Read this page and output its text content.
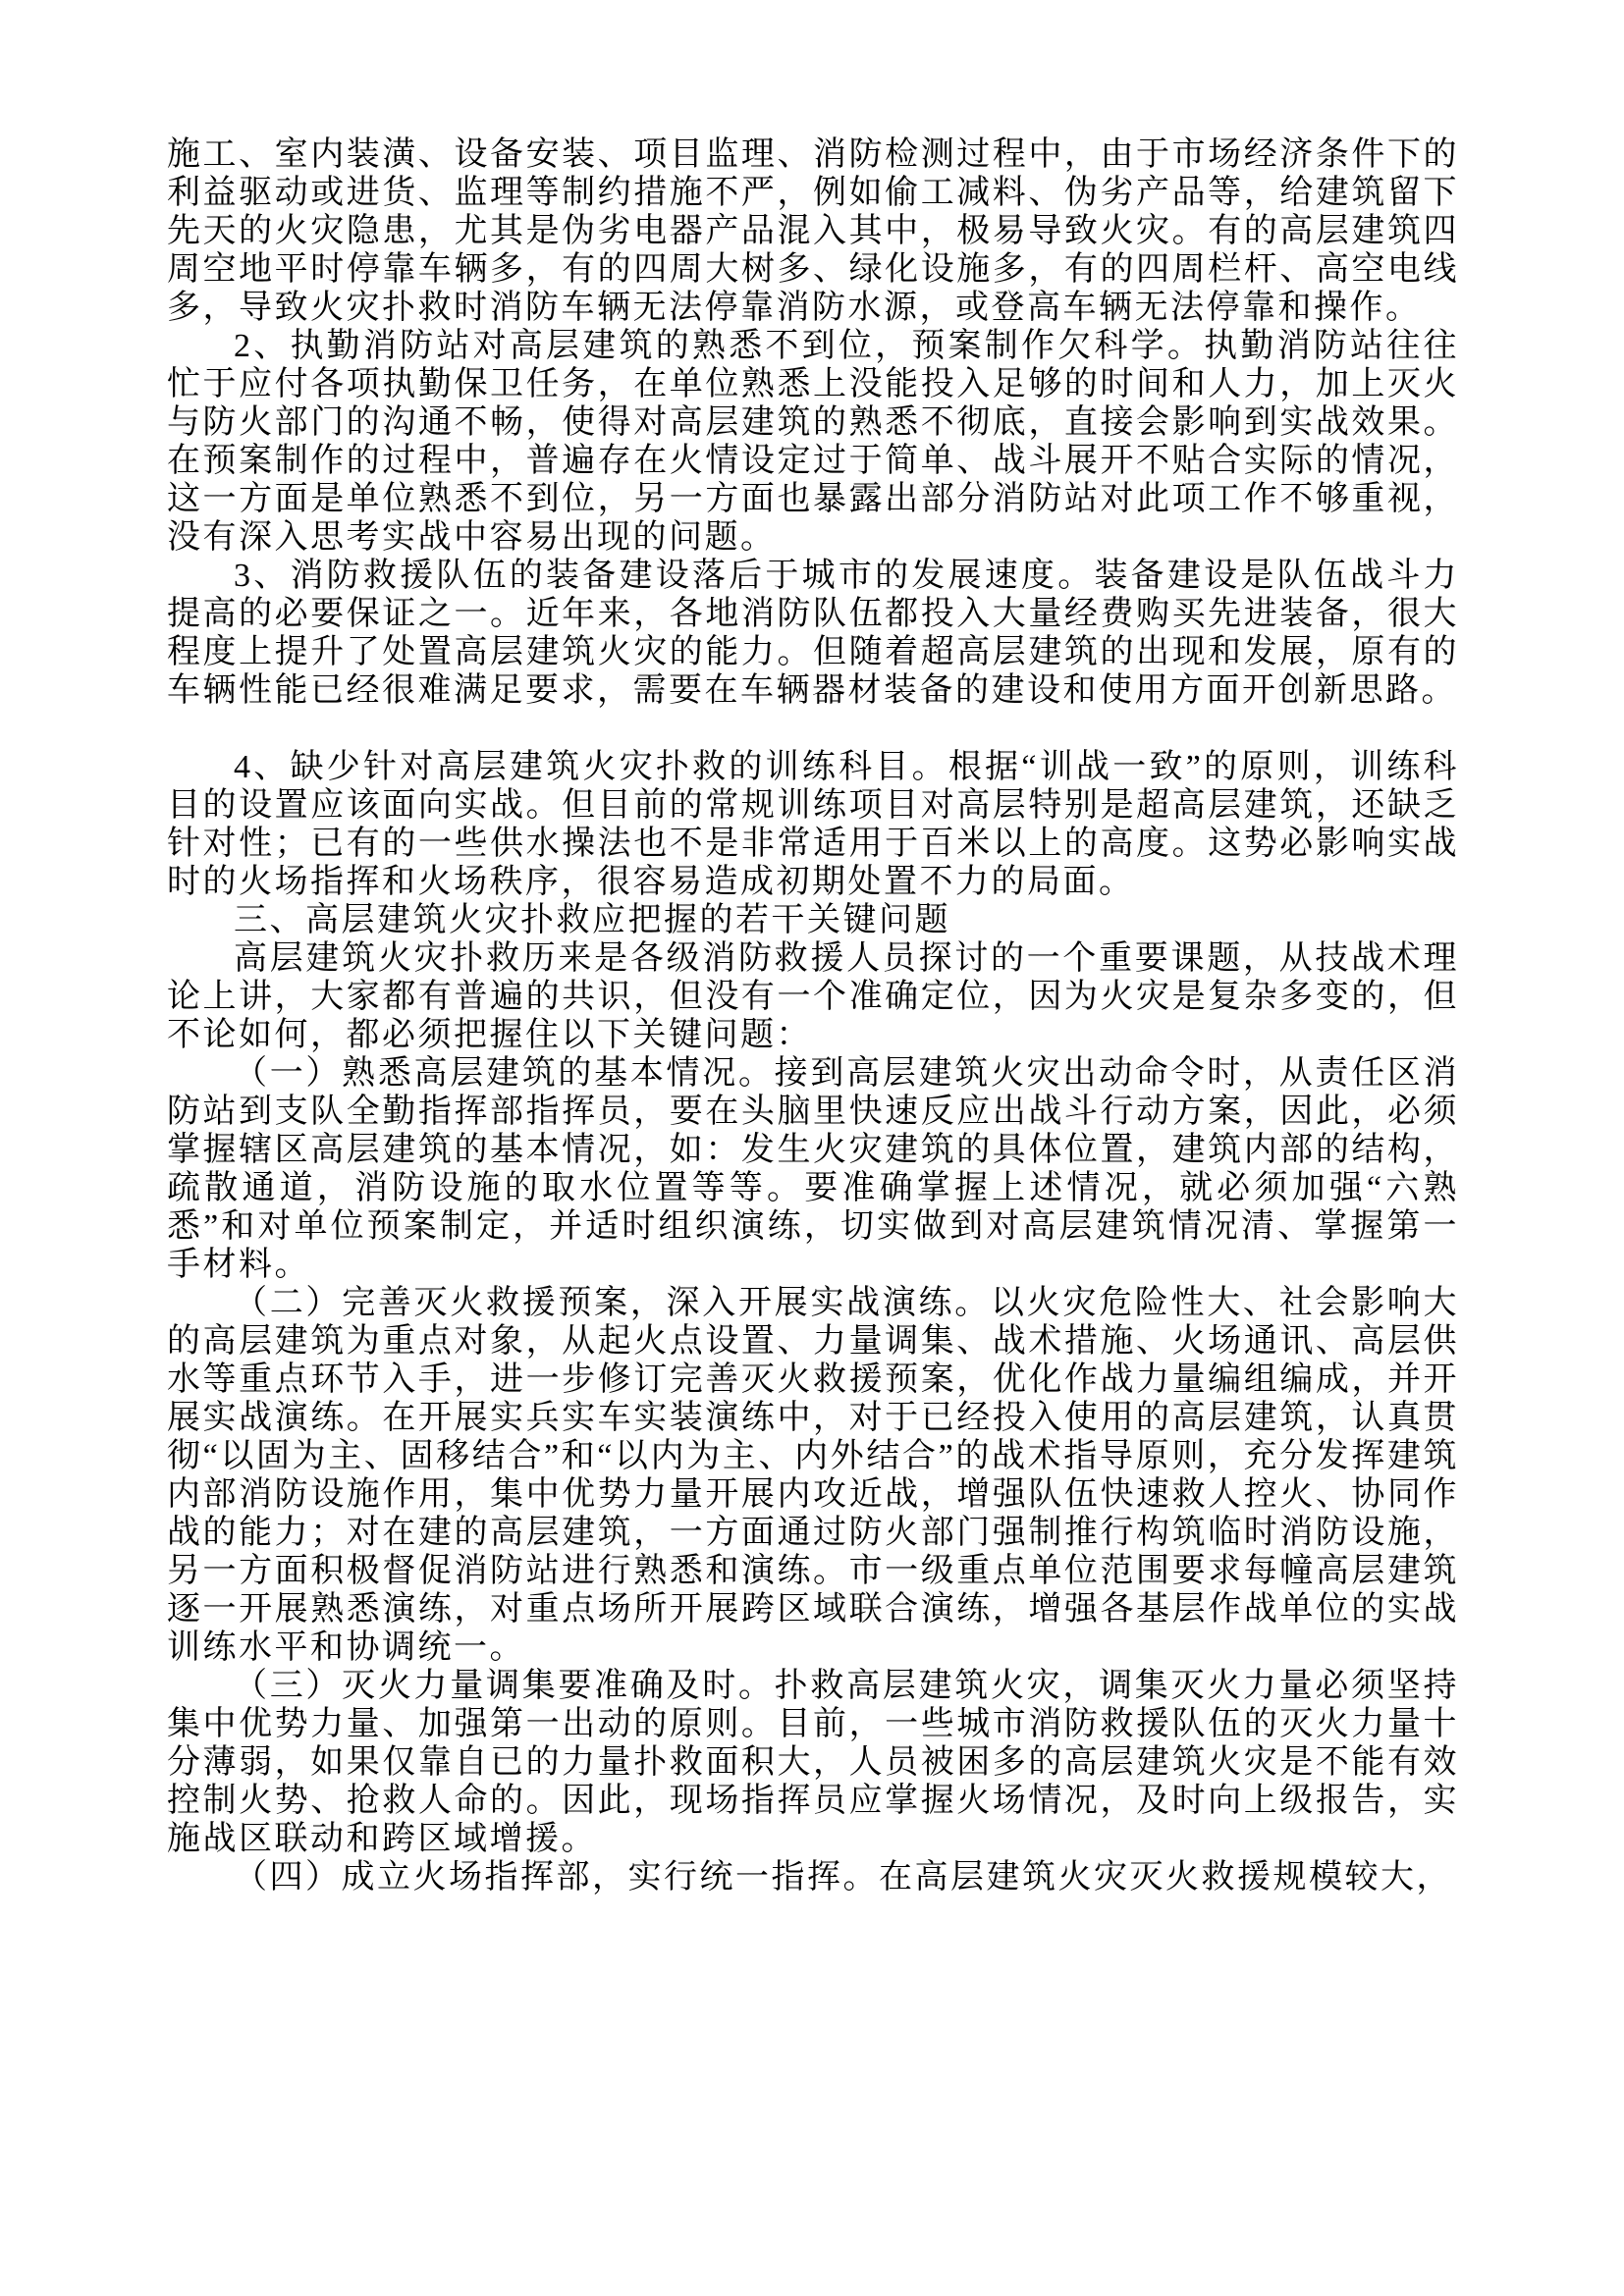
施工、室内装潢、设备安装、项目监理、消防检测过程中，由于市场经济条件下的利益驱动或进货、监理等制约措施不严，例如偷工减料、伪劣产品等，给建筑留下先天的火灾隐患，尤其是伪劣电器产品混入其中，极易导致火灾。有的高层建筑四周空地平时停靠车辆多，有的四周大树多、绿化设施多，有的四周栏杆、高空电线多，导致火灾扑救时消防车辆无法停靠消防水源，或登高车辆无法停靠和操作。

2、执勤消防站对高层建筑的熟悉不到位，预案制作欠科学。执勤消防站往往忙于应付各项执勤保卫任务，在单位熟悉上没能投入足够的时间和人力，加上灭火与防火部门的沟通不畅，使得对高层建筑的熟悉不彻底，直接会影响到实战效果。在预案制作的过程中，普遍存在火情设定过于简单、战斗展开不贴合实际的情况，这一方面是单位熟悉不到位，另一方面也暴露出部分消防站对此项工作不够重视，没有深入思考实战中容易出现的问题。

3、消防救援队伍的装备建设落后于城市的发展速度。装备建设是队伍战斗力提高的必要保证之一。近年来，各地消防队伍都投入大量经费购买先进装备，很大程度上提升了处置高层建筑火灾的能力。但随着超高层建筑的出现和发展，原有的车辆性能已经很难满足要求，需要在车辆器材装备的建设和使用方面开创新思路。

4、缺少针对高层建筑火灾扑救的训练科目。根据“训战一致”的原则，训练科目的设置应该面向实战。但目前的常规训练项目对高层特别是超高层建筑，还缺乏针对性；已有的一些供水操法也不是非常适用于百米以上的高度。这势必影响实战时的火场指挥和火场秩序，很容易造成初期处置不力的局面。

三、高层建筑火灾扑救应把握的若干关键问题

高层建筑火灾扑救历来是各级消防救援人员探讨的一个重要课题，从技战术理论上讲，大家都有普遍的共识，但没有一个准确定位，因为火灾是复杂多变的，但不论如何，都必须把握住以下关键问题：

（一）熟悉高层建筑的基本情况。接到高层建筑火灾出动命令时，从责任区消防站到支队全勤指挥部指挥员，要在头脑里快速反应出战斗行动方案，因此，必须掌握辖区高层建筑的基本情况，如：发生火灾建筑的具体位置，建筑内部的结构，疏散通道，消防设施的取水位置等等。要准确掌握上述情况，就必须加强“六熟悉”和对单位预案制定，并适时组织演练，切实做到对高层建筑情况清、掌握第一手材料。

（二）完善灭火救援预案，深入开展实战演练。以火灾危险性大、社会影响大的高层建筑为重点对象，从起火点设置、力量调集、战术措施、火场通讯、高层供水等重点环节入手，进一步修订完善灭火救援预案，优化作战力量编组编成，并开展实战演练。在开展实兵实车实装演练中，对于已经投入使用的高层建筑，认真贯彻“以固为主、固移结合”和“以内为主、内外结合”的战术指导原则，充分发挥建筑内部消防设施作用，集中优势力量开展内攻近战，增强队伍快速救人控火、协同作战的能力；对在建的高层建筑，一方面通过防火部门强制推行构筑临时消防设施，另一方面积极督促消防站进行熟悉和演练。市一级重点单位范围要求每幢高层建筑逐一开展熟悉演练，对重点场所开展跨区域联合演练，增强各基层作战单位的实战训练水平和协调统一。

（三）灭火力量调集要准确及时。扑救高层建筑火灾，调集灭火力量必须坚持集中优势力量、加强第一出动的原则。目前，一些城市消防救援队伍的灭火力量十分薄弱，如果仅靠自已的力量扑救面积大，人员被困多的高层建筑火灾是不能有效控制火势、抢救人命的。因此，现场指挥员应掌握火场情况，及时向上级报告，实施战区联动和跨区域增援。

（四）成立火场指挥部，实行统一指挥。在高层建筑火灾灭火救援规模较大，
